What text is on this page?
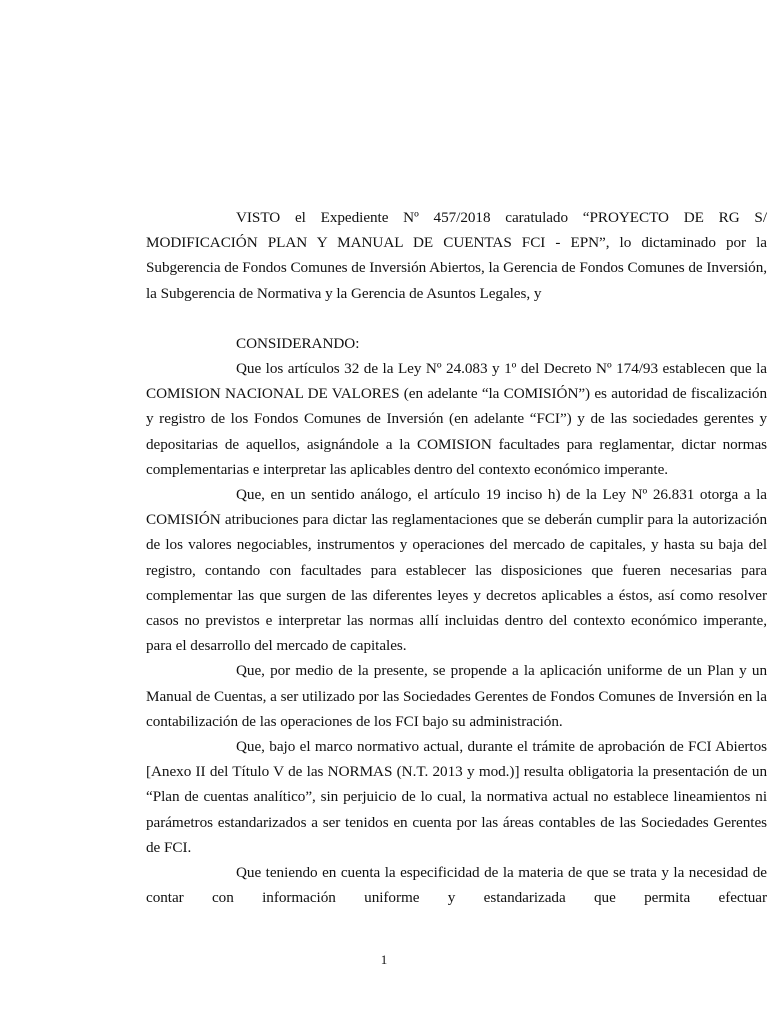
VISTO el Expediente Nº 457/2018 caratulado “PROYECTO DE RG S/ MODIFICACIÓN PLAN Y MANUAL DE CUENTAS FCI - EPN”, lo dictaminado por la Subgerencia de Fondos Comunes de Inversión Abiertos, la Gerencia de Fondos Comunes de Inversión, la Subgerencia de Normativa y la Gerencia de Asuntos Legales, y

CONSIDERANDO:

Que los artículos 32 de la Ley Nº 24.083 y 1º del Decreto Nº 174/93 establecen que la COMISION NACIONAL DE VALORES (en adelante “la COMISIÓN”) es autoridad de fiscalización y registro de los Fondos Comunes de Inversión (en adelante “FCI”) y de las sociedades gerentes y depositarias de aquellos, asignándole a la COMISION facultades para reglamentar, dictar normas complementarias e interpretar las aplicables dentro del contexto económico imperante.

Que, en un sentido análogo, el artículo 19 inciso h) de la Ley Nº 26.831 otorga a la COMISIÓN atribuciones para dictar las reglamentaciones que se deberán cumplir para la autorización de los valores negociables, instrumentos y operaciones del mercado de capitales, y hasta su baja del registro, contando con facultades para establecer las disposiciones que fueren necesarias para complementar las que surgen de las diferentes leyes y decretos aplicables a éstos, así como resolver casos no previstos e interpretar las normas allí incluidas dentro del contexto económico imperante, para el desarrollo del mercado de capitales.

Que, por medio de la presente, se propende a la aplicación uniforme de un Plan y un Manual de Cuentas, a ser utilizado por las Sociedades Gerentes de Fondos Comunes de Inversión en la contabilización de las operaciones de los FCI bajo su administración.

Que, bajo el marco normativo actual, durante el trámite de aprobación de FCI Abiertos [Anexo II del Título V de las NORMAS (N.T. 2013 y mod.)] resulta obligatoria la presentación de un “Plan de cuentas analítico”, sin perjuicio de lo cual, la normativa actual no establece lineamientos ni parámetros estandarizados a ser tenidos en cuenta por las áreas contables de las Sociedades Gerentes de FCI.

Que teniendo en cuenta la especificidad de la materia de que se trata y la necesidad de contar con información uniforme y estandarizada que permita efectuar

1
